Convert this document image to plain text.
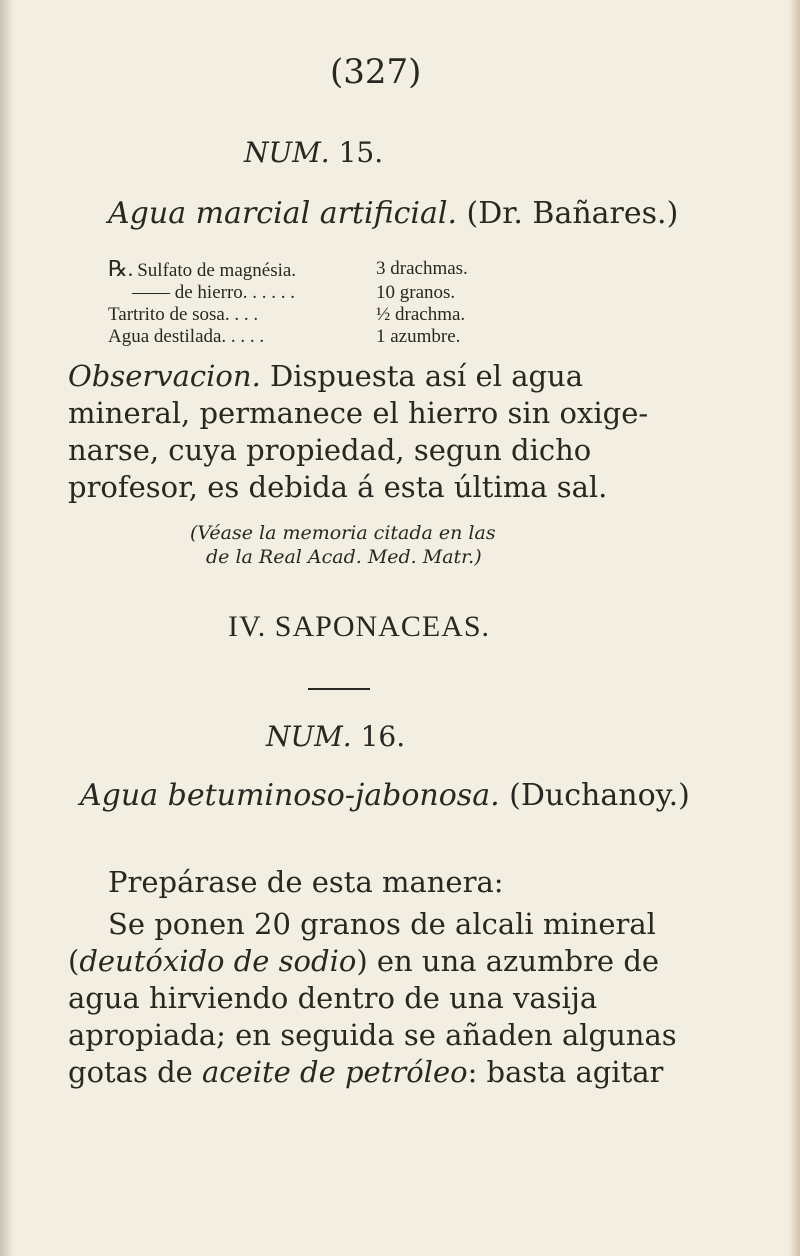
(327)
NUM. 15.
Agua marcial artificial. (Dr. Bañares.)
℞. Sulfato de magnésia.	3 drachmas.
—— de hierro. . . . . .	10 granos.
Tartrito de sosa. . . .	½ drachma.
Agua destilada. . . . .	1 azumbre.
Observacion. Dispuesta así el agua
mineral, permanece el hierro sin oxige-
narse, cuya propiedad, segun dicho
profesor, es debida á esta última sal.
(Véase la memoria citada en las
de la Real Acad. Med. Matr.)
IV. SAPONACEAS.
NUM. 16.
Agua betuminoso-jabonosa. (Duchanoy.)
Prepárase de esta manera:
Se ponen 20 granos de alcali mineral
(deutóxido de sodio) en una azumbre de
agua hirviendo dentro de una vasija
apropiada; en seguida se añaden algunas
gotas de aceite de petróleo: basta agitar
